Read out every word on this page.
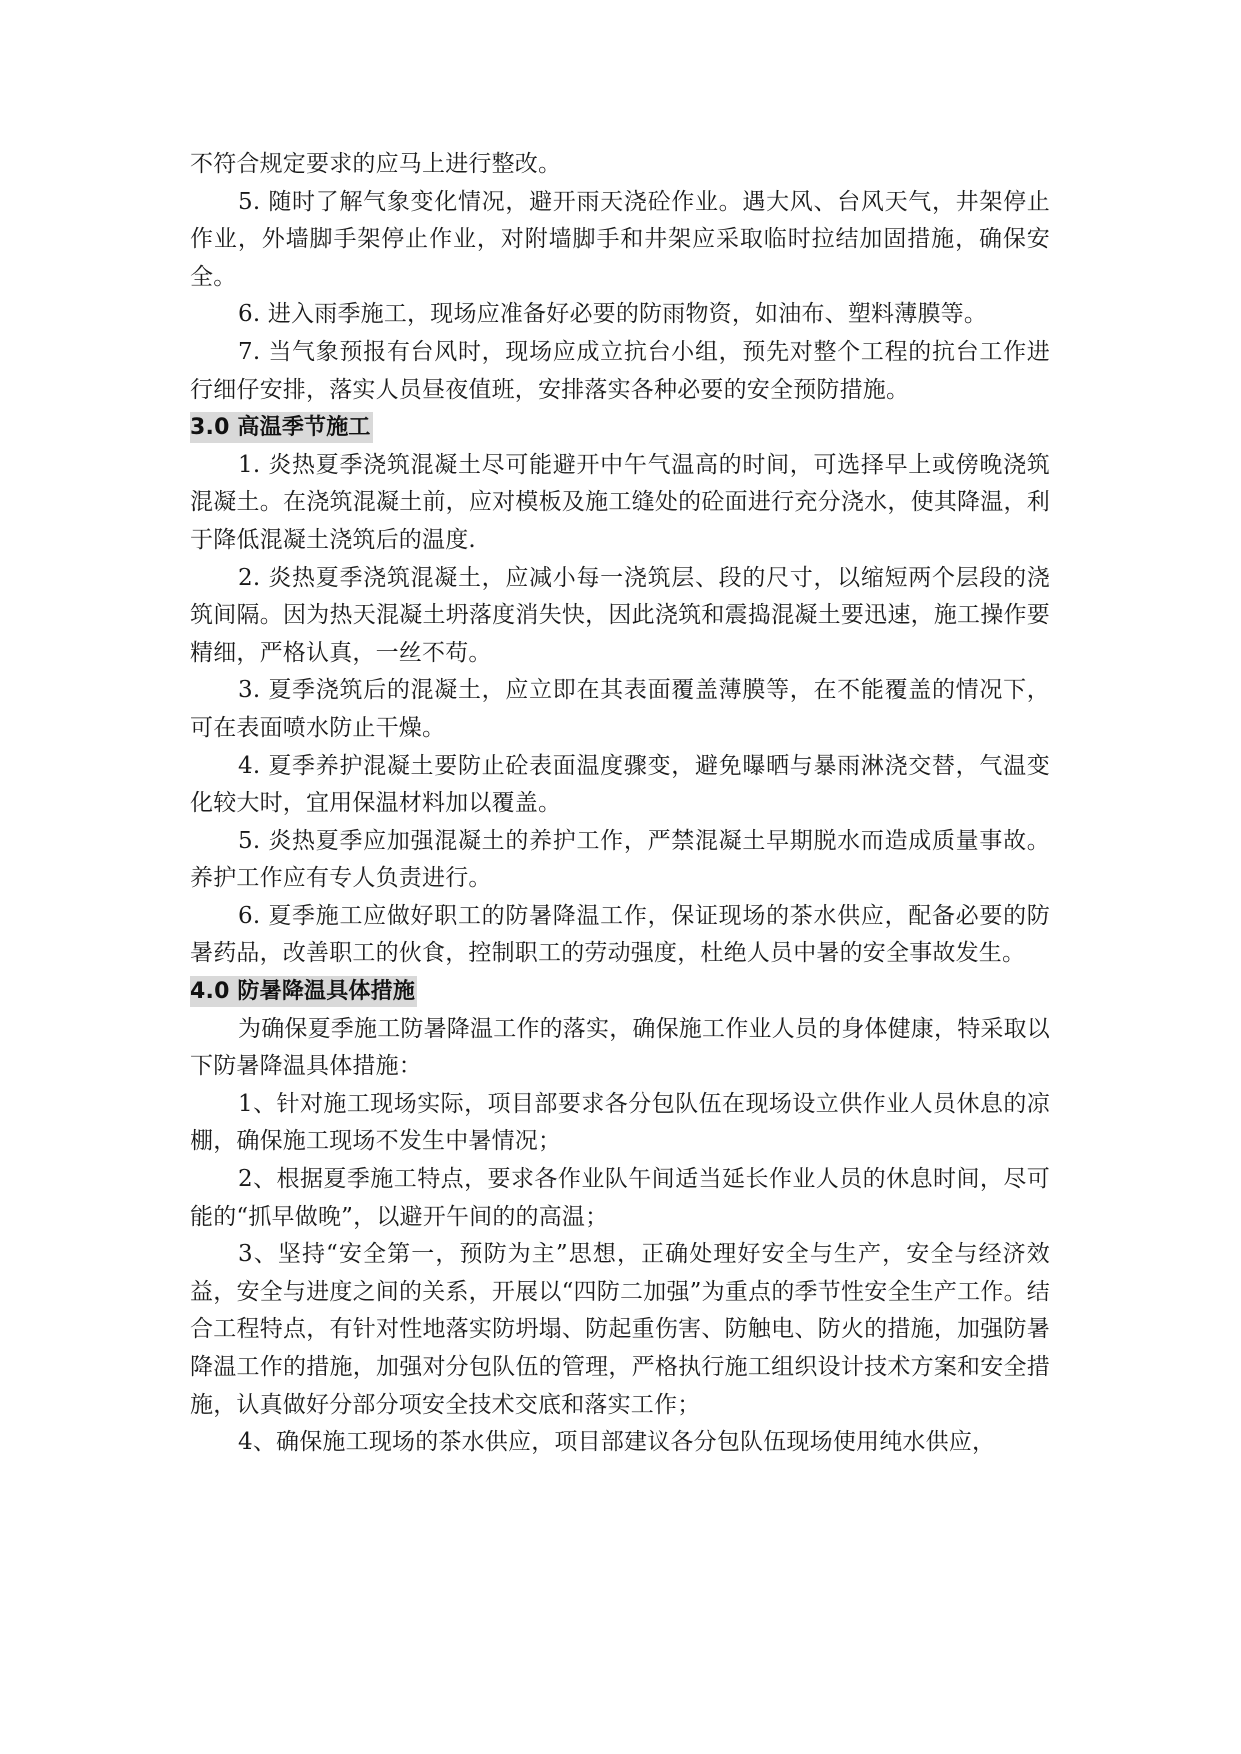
不符合规定要求的应马上进行整改。

5. 随时了解气象变化情况，避开雨天浇砼作业。遇大风、台风天气，井架停止作业，外墙脚手架停止作业，对附墙脚手和井架应采取临时拉结加固措施，确保安全。

6. 进入雨季施工，现场应准备好必要的防雨物资，如油布、塑料薄膜等。

7. 当气象预报有台风时，现场应成立抗台小组，预先对整个工程的抗台工作进行细仔安排，落实人员昼夜值班，安排落实各种必要的安全预防措施。

3.0 高温季节施工

1. 炎热夏季浇筑混凝土尽可能避开中午气温高的时间，可选择早上或傍晚浇筑混凝土。在浇筑混凝土前，应对模板及施工缝处的砼面进行充分浇水，使其降温，利于降低混凝土浇筑后的温度.

2. 炎热夏季浇筑混凝土，应减小每一浇筑层、段的尺寸，以缩短两个层段的浇筑间隔。因为热天混凝土坍落度消失快，因此浇筑和震捣混凝土要迅速，施工操作要精细，严格认真，一丝不苟。

3. 夏季浇筑后的混凝土，应立即在其表面覆盖薄膜等，在不能覆盖的情况下，可在表面喷水防止干燥。

4. 夏季养护混凝土要防止砼表面温度骤变，避免曝晒与暴雨淋浇交替，气温变化较大时，宜用保温材料加以覆盖。

5. 炎热夏季应加强混凝土的养护工作，严禁混凝土早期脱水而造成质量事故。养护工作应有专人负责进行。

6. 夏季施工应做好职工的防暑降温工作，保证现场的茶水供应，配备必要的防暑药品，改善职工的伙食，控制职工的劳动强度，杜绝人员中暑的安全事故发生。

4.0 防暑降温具体措施

为确保夏季施工防暑降温工作的落实，确保施工作业人员的身体健康，特采取以下防暑降温具体措施：

1、针对施工现场实际，项目部要求各分包队伍在现场设立供作业人员休息的凉棚，确保施工现场不发生中暑情况；

2、根据夏季施工特点，要求各作业队午间适当延长作业人员的休息时间，尽可能的“抓早做晚”，以避开午间的的高温；

3、坚持“安全第一，预防为主”思想，正确处理好安全与生产，安全与经济效益，安全与进度之间的关系，开展以“四防二加强”为重点的季节性安全生产工作。结合工程特点，有针对性地落实防坍塌、防起重伤害、防触电、防火的措施，加强防暑降温工作的措施，加强对分包队伍的管理，严格执行施工组织设计技术方案和安全措施，认真做好分部分项安全技术交底和落实工作；

4、确保施工现场的茶水供应，项目部建议各分包队伍现场使用纯水供应，
